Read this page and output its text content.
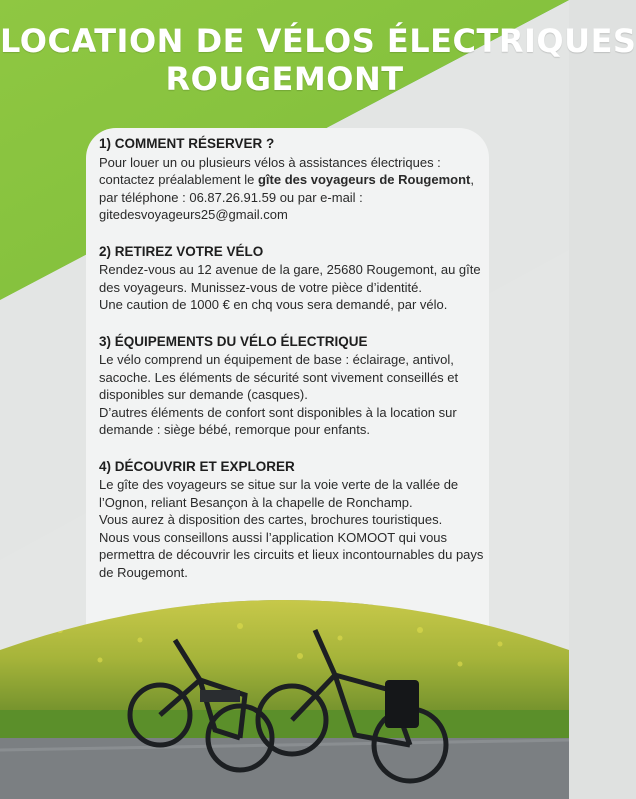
LOCATION DE VÉLOS ÉLECTRIQUES
ROUGEMONT
1) COMMENT RÉSERVER ?

Pour louer un ou plusieurs vélos à assistances électriques : contactez préalablement le gîte des voyageurs de Rougemont, par téléphone : 06.87.26.91.59 ou par e-mail : gitedesvoyageurs25@gmail.com

2) RETIREZ VOTRE VÉLO

Rendez-vous au 12 avenue de la gare, 25680 Rougemont, au gîte des voyageurs. Munissez-vous de votre pièce d’identité.

Une caution de 1000 € en chq vous sera demandé, par vélo.

3) ÉQUIPEMENTS DU VÉLO ÉLECTRIQUE

Le vélo comprend un équipement de base : éclairage, antivol, sacoche. Les éléments de sécurité sont vivement conseillés et disponibles sur demande (casques).

D’autres éléments de confort sont disponibles à la location sur demande : siège bébé, remorque pour enfants.

4) DÉCOUVRIR ET EXPLORER

Le gîte des voyageurs se situe sur la voie verte de la vallée de l’Ognon, reliant Besançon à la chapelle de Ronchamp.

Vous aurez à disposition des cartes, brochures touristiques.

Nous vous conseillons aussi l’application KOMOOT qui vous permettra de découvrir les circuits et lieux incontournables du pays de Rougemont.
